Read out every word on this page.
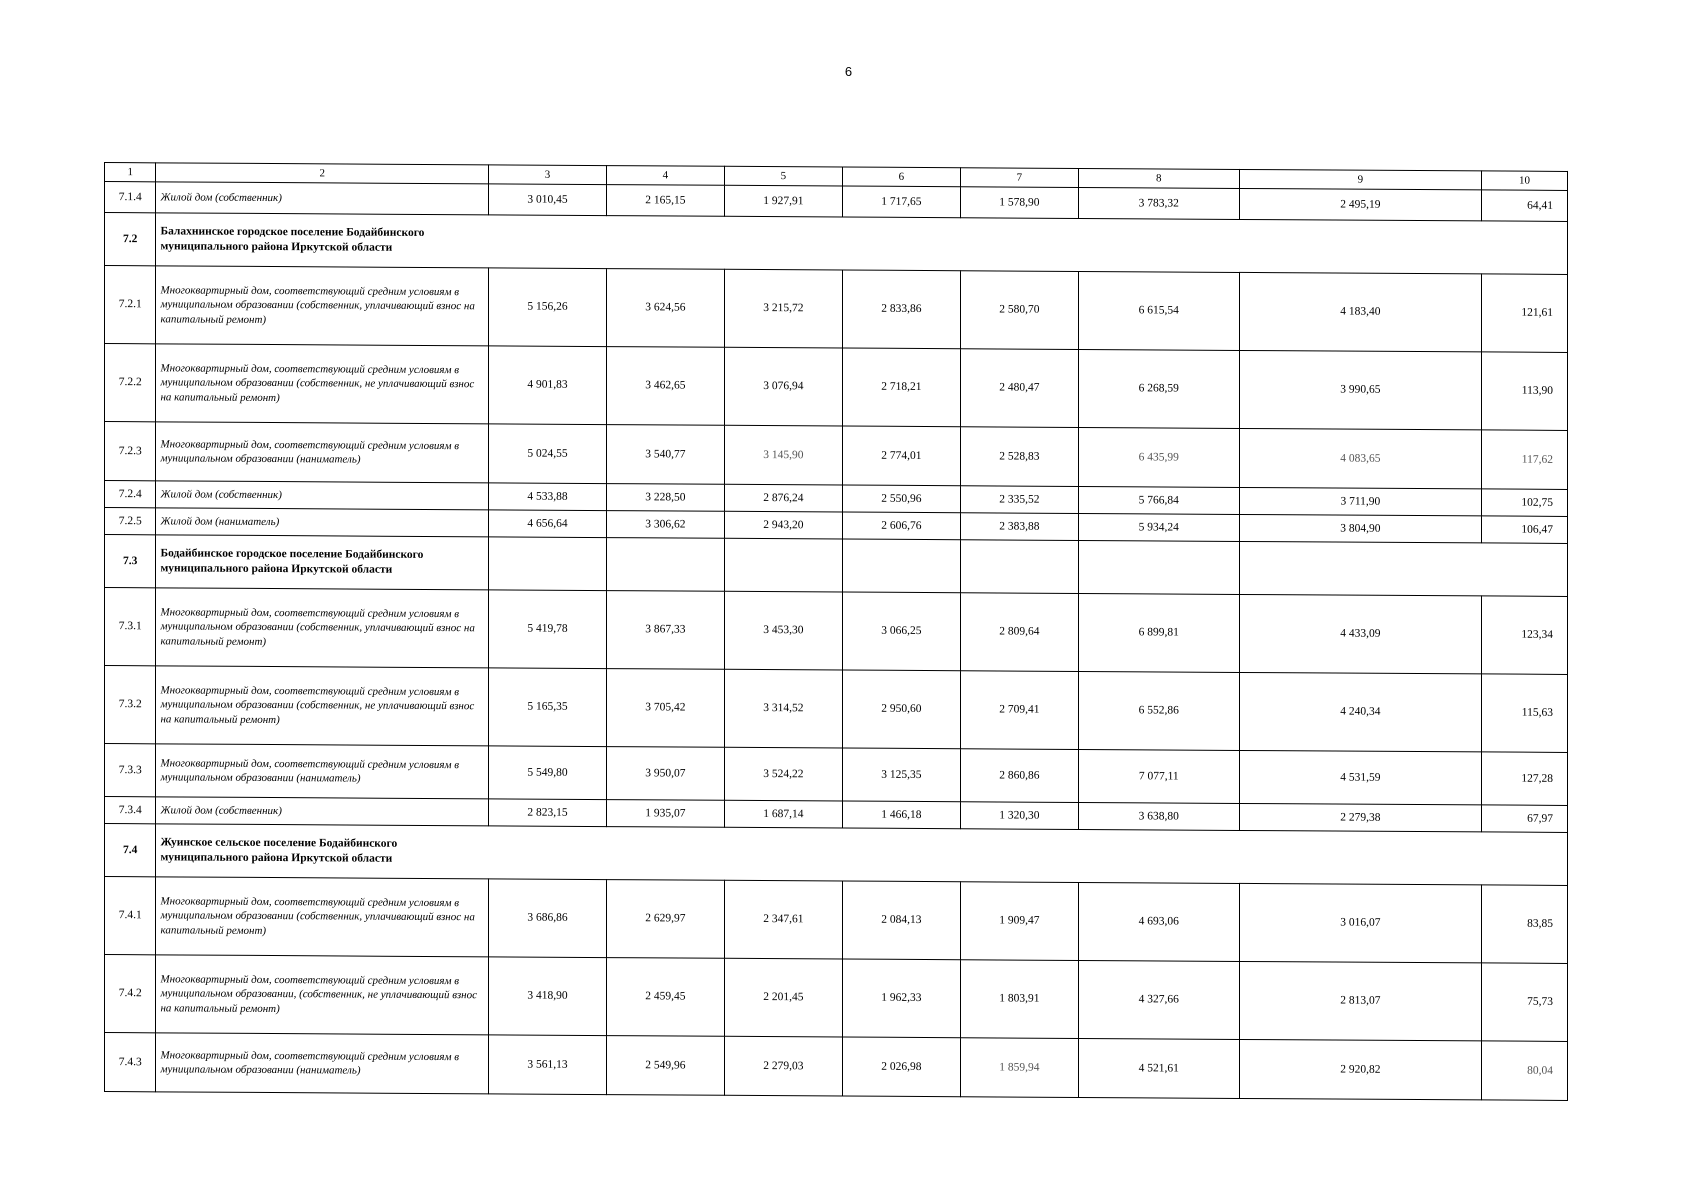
6
1	2	3	4	5	6	7	8	9	10
7.1.4	Жилой дом (собственник)	3 010,45	2 165,15	1 927,91	1 717,65	1 578,90	3 783,32	2 495,19	64,41
7.2	Балахнинское городское поселение Бодайбинского муниципального района Иркутской области								

7.2.1	Многоквартирный дом, соответствующий средним условиям в муниципальном образовании (собственник, уплачивающий взнос на капитальный ремонт)	5 156,26	3 624,56	3 215,72	2 833,86	2 580,70	6 615,54	4 183,40	121,61
7.2.2	Многоквартирный дом, соответствующий средним условиям в муниципальном образовании (собственник, не уплачивающий взнос на капитальный ремонт)	4 901,83	3 462,65	3 076,94	2 718,21	2 480,47	6 268,59	3 990,65	113,90
7.2.3	Многоквартирный дом, соответствующий средним условиям в муниципальном образовании (наниматель)	5 024,55	3 540,77	3 145,90	2 774,01	2 528,83	6 435,99	4 083,65	117,62
7.2.4	Жилой дом (собственник)	4 533,88	3 228,50	2 876,24	2 550,96	2 335,52	5 766,84	3 711,90	102,75
7.2.5	Жилой дом (наниматель)	4 656,64	3 306,62	2 943,20	2 606,76	2 383,88	5 934,24	3 804,90	106,47
7.3	Бодайбинское городское поселение Бодайбинского муниципального района Иркутской области								
7.3.1	Многоквартирный дом, соответствующий средним условиям в муниципальном образовании (собственник, уплачивающий взнос на капитальный ремонт)	5 419,78	3 867,33	3 453,30	3 066,25	2 809,64	6 899,81	4 433,09	123,34
7.3.2	Многоквартирный дом, соответствующий средним условиям в муниципальном образовании (собственник, не уплачивающий взнос на капитальный ремонт)	5 165,35	3 705,42	3 314,52	2 950,60	2 709,41	6 552,86	4 240,34	115,63
7.3.3	Многоквартирный дом, соответствующий средним условиям в муниципальном образовании (наниматель)	5 549,80	3 950,07	3 524,22	3 125,35	2 860,86	7 077,11	4 531,59	127,28
7.3.4	Жилой дом (собственник)	2 823,15	1 935,07	1 687,14	1 466,18	1 320,30	3 638,80	2 279,38	67,97
7.4	Жуинское сельское поселение Бодайбинского муниципального района Иркутской области								

7.4.1	Многоквартирный дом, соответствующий средним условиям в муниципальном образовании (собственник, уплачивающий взнос на капитальный ремонт)	3 686,86	2 629,97	2 347,61	2 084,13	1 909,47	4 693,06	3 016,07	83,85
7.4.2	Многоквартирный дом, соответствующий средним условиям в муниципальном образовании, (собственник, не уплачивающий взнос на капитальный ремонт)	3 418,90	2 459,45	2 201,45	1 962,33	1 803,91	4 327,66	2 813,07	75,73
7.4.3	Многоквартирный дом, соответствующий средним условиям в муниципальном образовании (наниматель)	3 561,13	2 549,96	2 279,03	2 026,98	1 859,94	4 521,61	2 920,82	80,04
